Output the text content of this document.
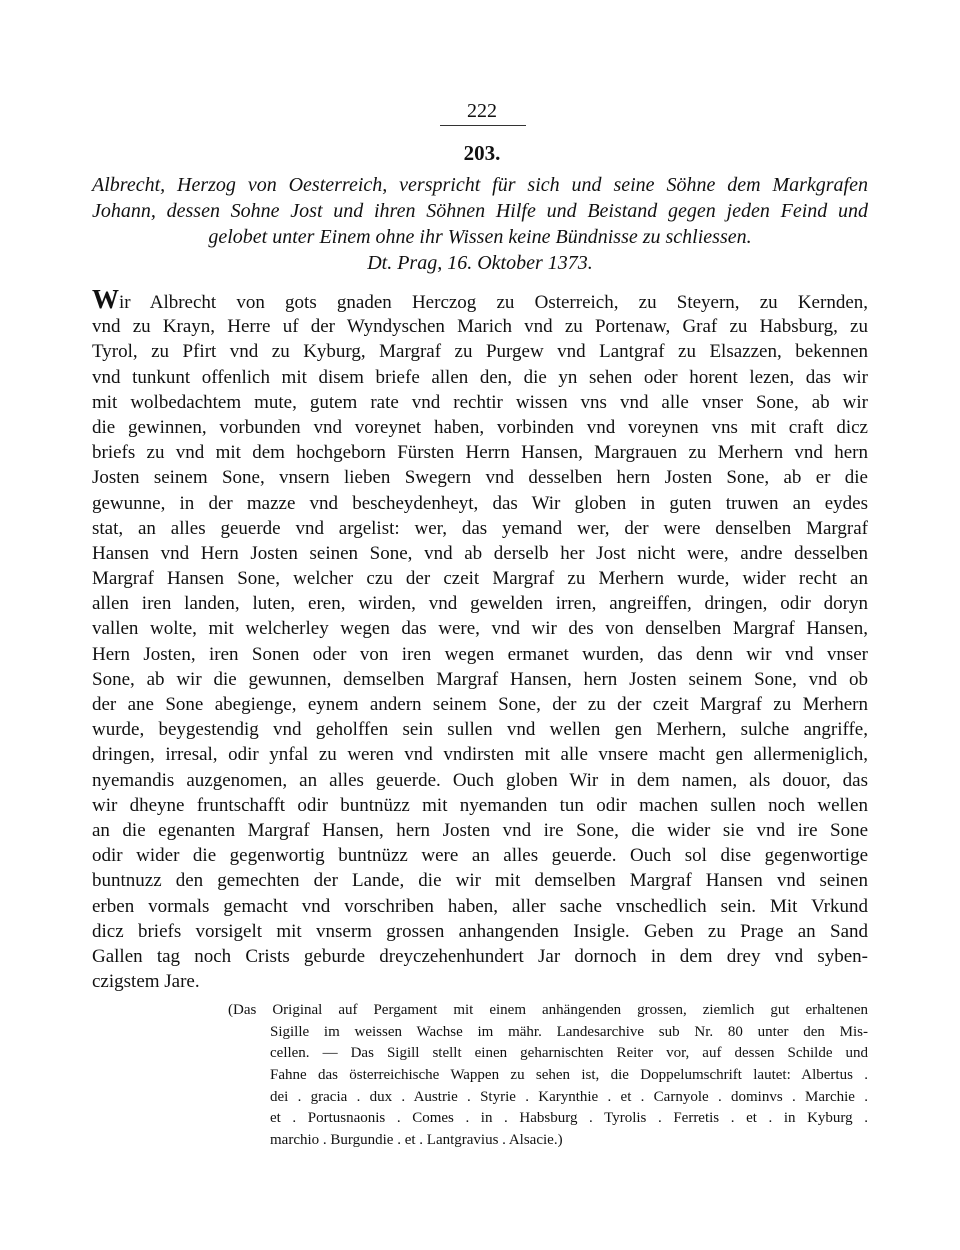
222
203.
Albrecht, Herzog von Oesterreich, verspricht für sich und seine Söhne dem Markgrafen
Johann, dessen Sohne Jost und ihren Söhnen Hilfe und Beistand gegen jeden Feind und
gelobet unter Einem ohne ihr Wissen keine Bündnisse zu schliessen.
Dt. Prag, 16. Oktober 1373.
Wir Albrecht von gots gnaden Herczog zu Osterreich, zu Steyern, zu Kernden,
vnd zu Krayn, Herre uf der Wyndyschen Marich vnd zu Portenaw, Graf zu Habsburg, zu
Tyrol, zu Pfirt vnd zu Kyburg, Margraf zu Purgew vnd Lantgraf zu Elsazzen, bekennen
vnd tunkunt offenlich mit disem briefe allen den, die yn sehen oder horent lezen, das wir
mit wolbedachtem mute, gutem rate vnd rechtir wissen vns vnd alle vnser Sone, ab wir
die gewinnen, vorbunden vnd voreynet haben, vorbinden vnd voreynen vns mit craft dicz
briefs zu vnd mit dem hochgeborn Fürsten Herrn Hansen, Margrauen zu Merhern vnd hern
Josten seinem Sone, vnsern lieben Swegern vnd desselben hern Josten Sone, ab er die
gewunne, in der mazze vnd bescheydenheyt, das Wir globen in guten truwen an eydes
stat, an alles geuerde vnd argelist: wer, das yemand wer, der were denselben Margraf
Hansen vnd Hern Josten seinen Sone, vnd ab derselb her Jost nicht were, andre desselben
Margraf Hansen Sone, welcher czu der czeit Margraf zu Merhern wurde, wider recht an
allen iren landen, luten, eren, wirden, vnd gewelden irren, angreiffen, dringen, odir doryn
vallen wolte, mit welcherley wegen das were, vnd wir des von denselben Margraf Hansen,
Hern Josten, iren Sonen oder von iren wegen ermanet wurden, das denn wir vnd vnser
Sone, ab wir die gewunnen, demselben Margraf Hansen, hern Josten seinem Sone, vnd ob
der ane Sone abegienge, eynem andern seinem Sone, der zu der czeit Margraf zu Merhern
wurde, beygestendig vnd geholffen sein sullen vnd wellen gen Merhern, sulche angriffe,
dringen, irresal, odir ynfal zu weren vnd vndirsten mit alle vnsere macht gen allermeniglich,
nyemandis auzgenomen, an alles geuerde. Ouch globen Wir in dem namen, als douor, das
wir dheyne fruntschafft odir buntnüzz mit nyemanden tun odir machen sullen noch wellen
an die egenanten Margraf Hansen, hern Josten vnd ire Sone, die wider sie vnd ire Sone
odir wider die gegenwortig buntnüzz were an alles geuerde. Ouch sol dise gegenwortige
buntnuzz den gemechten der Lande, die wir mit demselben Margraf Hansen vnd seinen
erben vormals gemacht vnd vorschriben haben, aller sache vnschedlich sein. Mit Vrkund
dicz briefs vorsigelt mit vnserm grossen anhangenden Insigle. Geben zu Prage an Sand
Gallen tag noch Crists geburde dreyczehenhundert Jar dornoch in dem drey vnd syben-
czigstem Jare.
(Das Original auf Pergament mit einem anhängenden grossen, ziemlich gut erhaltenen
Sigille im weissen Wachse im mähr. Landesarchive sub Nr. 80 unter den Mis-
cellen. — Das Sigill stellt einen geharnischten Reiter vor, auf dessen Schilde und
Fahne das österreichische Wappen zu sehen ist, die Doppelumschrift lautet: Albertus .
dei . gracia . dux . Austrie . Styrie . Karynthie . et . Carnyole . dominvs . Marchie .
et . Portusnaonis . Comes . in . Habsburg . Tyrolis . Ferretis . et . in Kyburg .
marchio . Burgundie . et . Lantgravius . Alsacie.)
